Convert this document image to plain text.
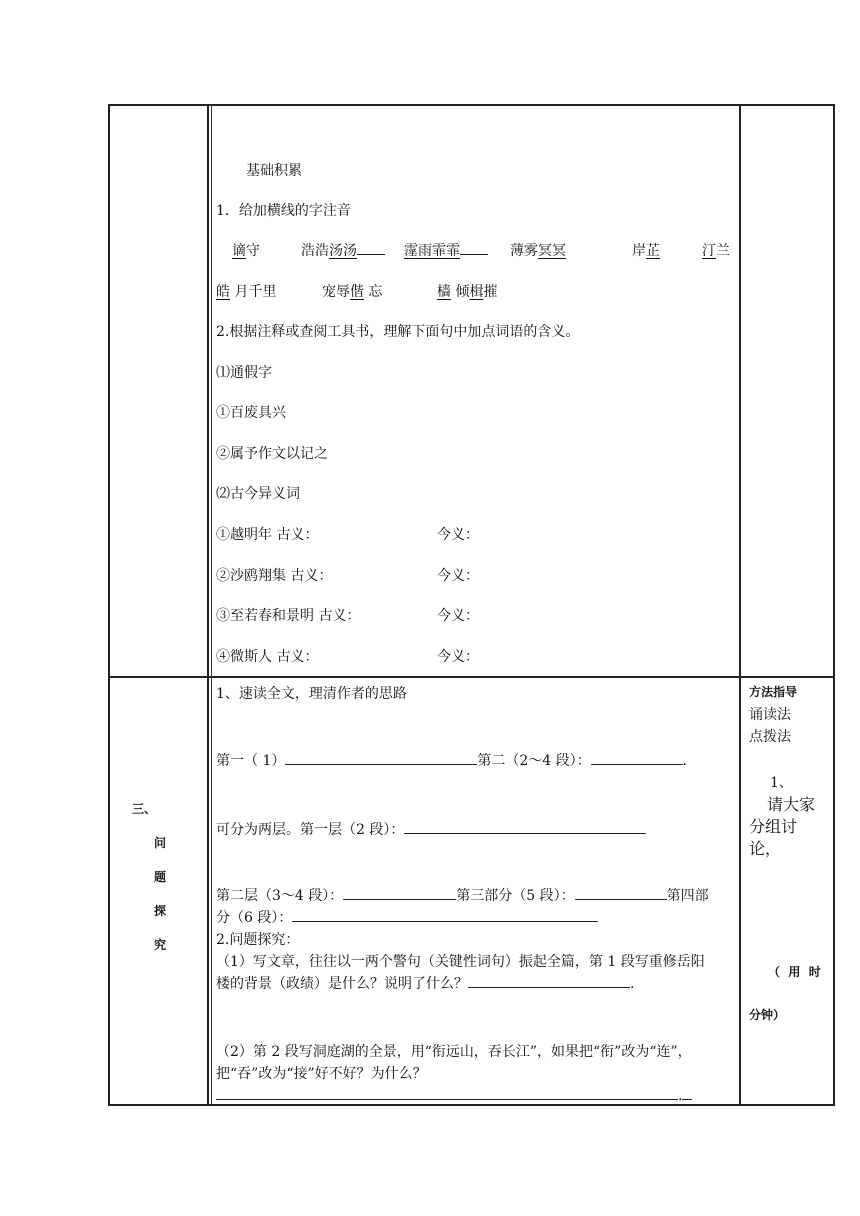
基础积累
1．给加横线的字注音
谪守	浩浩汤汤	霪雨霏霏	薄雾冥冥	岸芷	汀兰
皓 月千里	宠辱偕 忘	樯 倾楫摧
2.根据注释或查阅工具书，理解下面句中加点词语的含义。
⑴通假字
①百废具兴
②属予作文以记之
⑵古今异义词
①越明年 古义：	今义：
②沙鸥翔集 古义：	今义：
③至若春和景明 古义：	今义：
④微斯人 古义：	今义：
三、
问
题
探
究
1、速读全文，理清作者的思路
第一（ 1）	第二（2～4 段）：	.
可分为两层。第一层（2 段）：
第二层（3～4 段）：	第三部分（5 段）：	第四部
分（6 段）：
2.问题探究：
（1）写文章，往往以一两个警句（关键性词句）振起全篇，第 1 段写重修岳阳
楼的背景（政绩）是什么？说明了什么？	.
（2）第 2 段写洞庭湖的全景，用“衔远山，吞长江”，如果把“衔”改为“连”，
把“吞”改为“接”好不好？为什么？
.
方法指导
诵读法
点拨法
1、
请大家
分组讨
论，
（  用  时
分钟）
